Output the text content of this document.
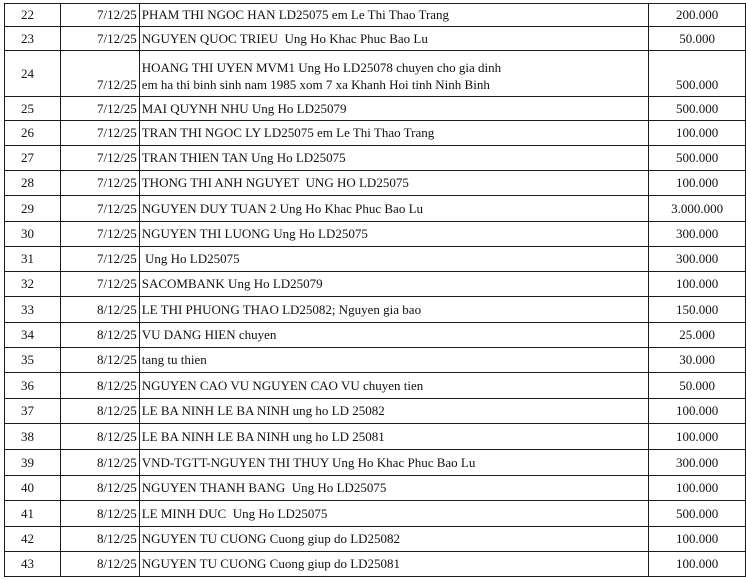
22	7/12/25	PHAM THI NGOC HAN LD25075 em Le Thi Thao Trang	200.000
23	7/12/25	NGUYEN QUOC TRIEU  Ung Ho Khac Phuc Bao Lu	50.000
24	7/12/25	HOANG THI UYEN MVM1 Ung Ho LD25078 chuyen cho gia dinh
em ha thi binh sinh nam 1985 xom 7 xa Khanh Hoi tinh Ninh Binh	500.000
25	7/12/25	MAI QUYNH NHU Ung Ho LD25079	500.000
26	7/12/25	TRAN THI NGOC LY LD25075 em Le Thi Thao Trang	100.000
27	7/12/25	TRAN THIEN TAN Ung Ho LD25075	500.000
28	7/12/25	THONG THI ANH NGUYET  UNG HO LD25075	100.000
29	7/12/25	NGUYEN DUY TUAN 2 Ung Ho Khac Phuc Bao Lu	3.000.000
30	7/12/25	NGUYEN THI LUONG Ung Ho LD25075	300.000
31	7/12/25	Ung Ho LD25075	300.000
32	7/12/25	SACOMBANK Ung Ho LD25079	100.000
33	8/12/25	LE THI PHUONG THAO LD25082; Nguyen gia bao	150.000
34	8/12/25	VU DANG HIEN chuyen	25.000
35	8/12/25	tang tu thien	30.000
36	8/12/25	NGUYEN CAO VU NGUYEN CAO VU chuyen tien	50.000
37	8/12/25	LE BA NINH LE BA NINH ung ho LD 25082	100.000
38	8/12/25	LE BA NINH LE BA NINH ung ho LD 25081	100.000
39	8/12/25	VND-TGTT-NGUYEN THI THUY Ung Ho Khac Phuc Bao Lu	300.000
40	8/12/25	NGUYEN THANH BANG  Ung Ho LD25075	100.000
41	8/12/25	LE MINH DUC  Ung Ho LD25075	500.000
42	8/12/25	NGUYEN TU CUONG Cuong giup do LD25082	100.000
43	8/12/25	NGUYEN TU CUONG Cuong giup do LD25081	100.000
